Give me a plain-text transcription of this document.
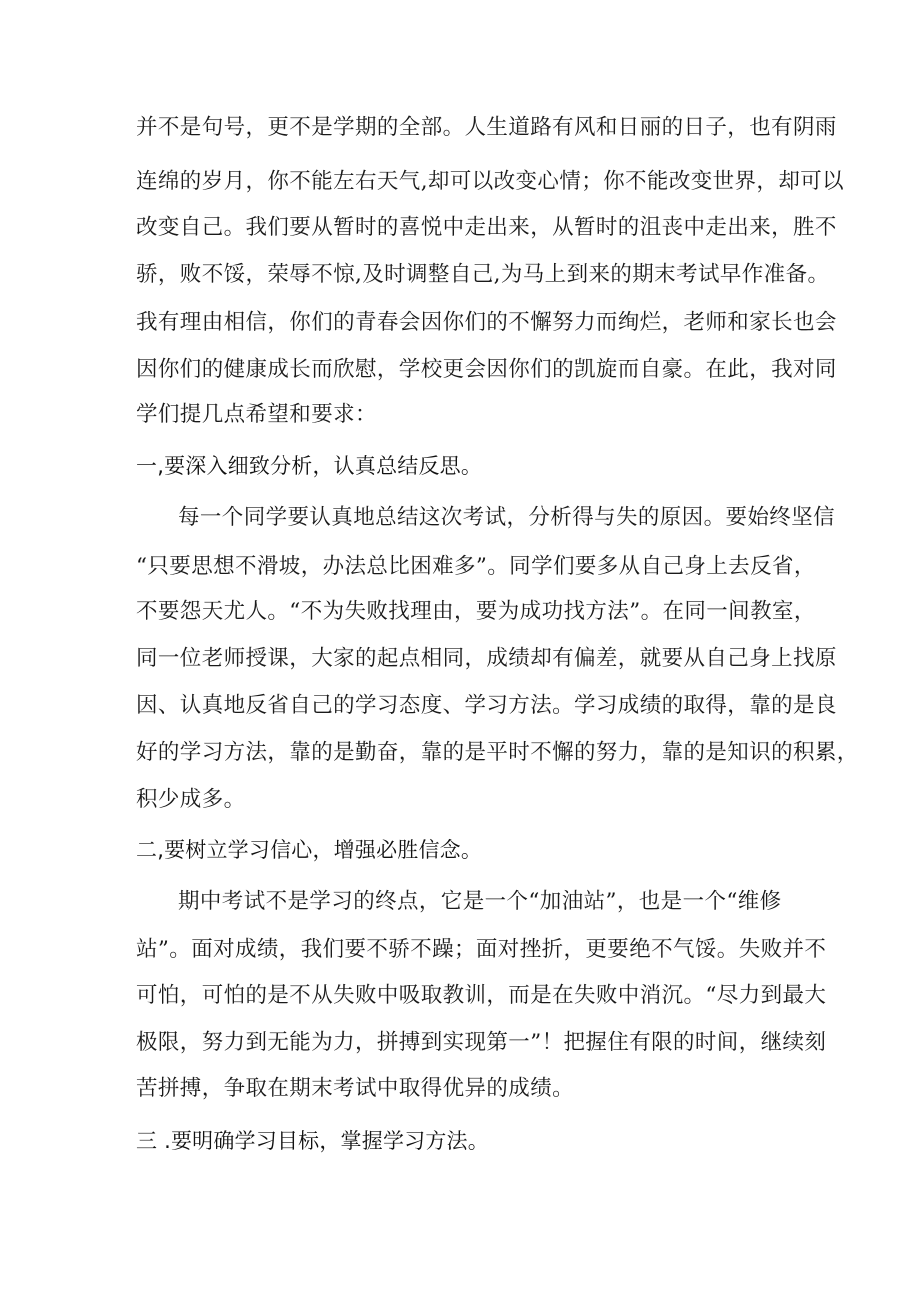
并不是句号，更不是学期的全部。人生道路有风和日丽的日子，也有阴雨
连绵的岁月，你不能左右天气,却可以改变心情；你不能改变世界，却可以
改变自己。我们要从暂时的喜悦中走出来，从暂时的沮丧中走出来，胜不
骄，败不馁，荣辱不惊,及时调整自己,为马上到来的期末考试早作准备。
我有理由相信，你们的青春会因你们的不懈努力而绚烂，老师和家长也会
因你们的健康成长而欣慰，学校更会因你们的凯旋而自豪。在此，我对同
学们提几点希望和要求：
一,要深入细致分析，认真总结反思。
每一个同学要认真地总结这次考试，分析得与失的原因。要始终坚信
“只要思想不滑坡，办法总比困难多”。同学们要多从自己身上去反省，
不要怨天尤人。“不为失败找理由，要为成功找方法”。在同一间教室，
同一位老师授课，大家的起点相同，成绩却有偏差，就要从自己身上找原
因、认真地反省自己的学习态度、学习方法。学习成绩的取得，靠的是良
好的学习方法，靠的是勤奋，靠的是平时不懈的努力，靠的是知识的积累，
积少成多。
二,要树立学习信心，增强必胜信念。
期中考试不是学习的终点，它是一个“加油站”，也是一个“维修
站”。面对成绩，我们要不骄不躁；面对挫折，更要绝不气馁。失败并不
可怕，可怕的是不从失败中吸取教训，而是在失败中消沉。“尽力到最大
极限，努力到无能为力，拼搏到实现第一”！把握住有限的时间，继续刻
苦拼搏，争取在期末考试中取得优异的成绩。
三 .要明确学习目标，掌握学习方法。
